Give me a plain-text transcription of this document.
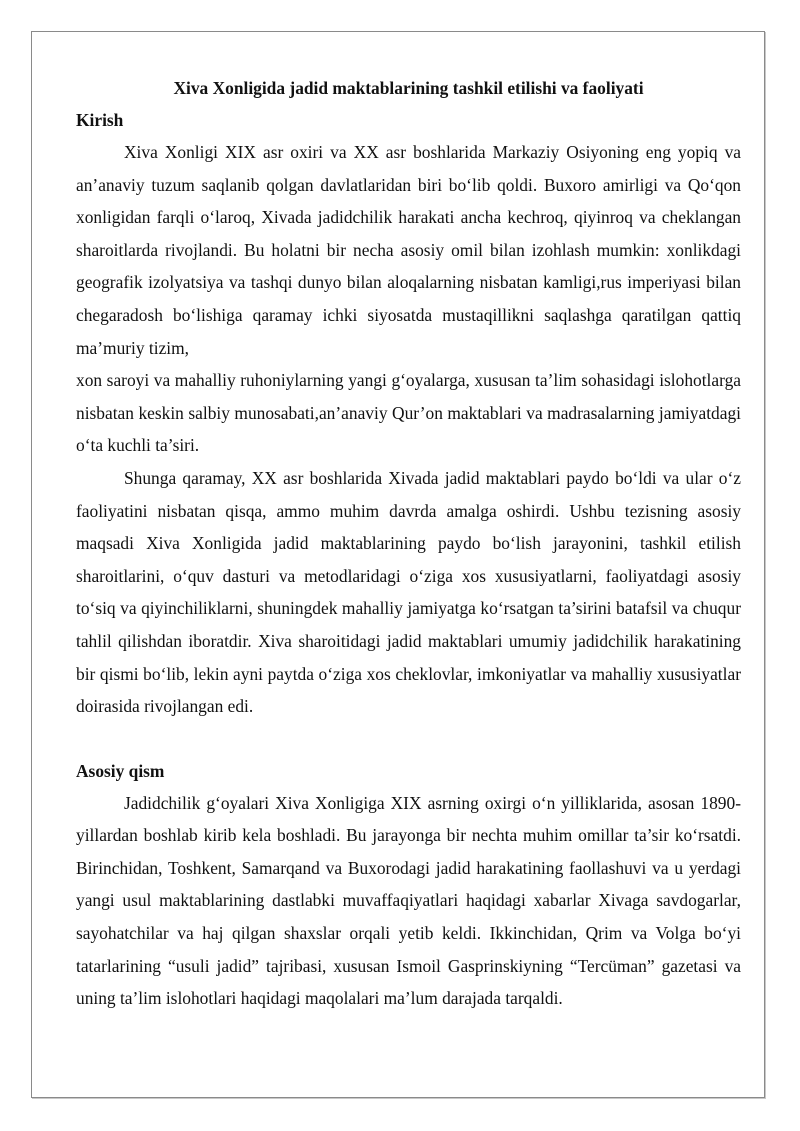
Xiva Xonligida jadid maktablarining tashkil etilishi va faoliyati

Kirish

Xiva Xonligi XIX asr oxiri va XX asr boshlarida Markaziy Osiyoning eng yopiq va an’anaviy tuzum saqlanib qolgan davlatlaridan biri bo‘lib qoldi. Buxoro amirligi va Qo‘qon xonligidan farqli o‘laroq, Xivada jadidchilik harakati ancha kechroq, qiyinroq va cheklangan sharoitlarda rivojlandi. Bu holatni bir necha asosiy omil bilan izohlash mumkin: xonlikdagi geografik izolyatsiya va tashqi dunyo bilan aloqalarning nisbatan kamligi,rus imperiyasi bilan chegaradosh bo‘lishiga qaramay ichki siyosatda mustaqillikni saqlashga qaratilgan qattiq ma’muriy tizim,

xon saroyi va mahalliy ruhoniylarning yangi g‘oyalarga, xususan ta’lim sohasidagi islohotlarga nisbatan keskin salbiy munosabati,an’anaviy Qur’on maktablari va madrasalarning jamiyatdagi o‘ta kuchli ta’siri.

Shunga qaramay, XX asr boshlarida Xivada jadid maktablari paydo bo‘ldi va ular o‘z faoliyatini nisbatan qisqa, ammo muhim davrda amalga oshirdi. Ushbu tezisning asosiy maqsadi Xiva Xonligida jadid maktablarining paydo bo‘lish jarayonini, tashkil etilish sharoitlarini, o‘quv dasturi va metodlaridagi o‘ziga xos xususiyatlarni, faoliyatdagi asosiy to‘siq va qiyinchiliklarni, shuningdek mahalliy jamiyatga ko‘rsatgan ta’sirini batafsil va chuqur tahlil qilishdan iboratdir. Xiva sharoitidagi jadid maktablari umumiy jadidchilik harakatining bir qismi bo‘lib, lekin ayni paytda o‘ziga xos cheklovlar, imkoniyatlar va mahalliy xususiyatlar doirasida rivojlangan edi.

Asosiy qism

Jadidchilik g‘oyalari Xiva Xonligiga XIX asrning oxirgi o‘n yilliklarida, asosan 1890-yillardan boshlab kirib kela boshladi. Bu jarayonga bir nechta muhim omillar ta’sir ko‘rsatdi. Birinchidan, Toshkent, Samarqand va Buxorodagi jadid harakatining faollashuvi va u yerdagi yangi usul maktablarining dastlabki muvaffaqiyatlari haqidagi xabarlar Xivaga savdogarlar, sayohatchilar va haj qilgan shaxslar orqali yetib keldi. Ikkinchidan, Qrim va Volga bo‘yi tatarlarining “usuli jadid” tajribasi, xususan Ismoil Gasprinskiyning “Tercüman” gazetasi va uning ta’lim islohotlari haqidagi maqolalari ma’lum darajada tarqaldi.
